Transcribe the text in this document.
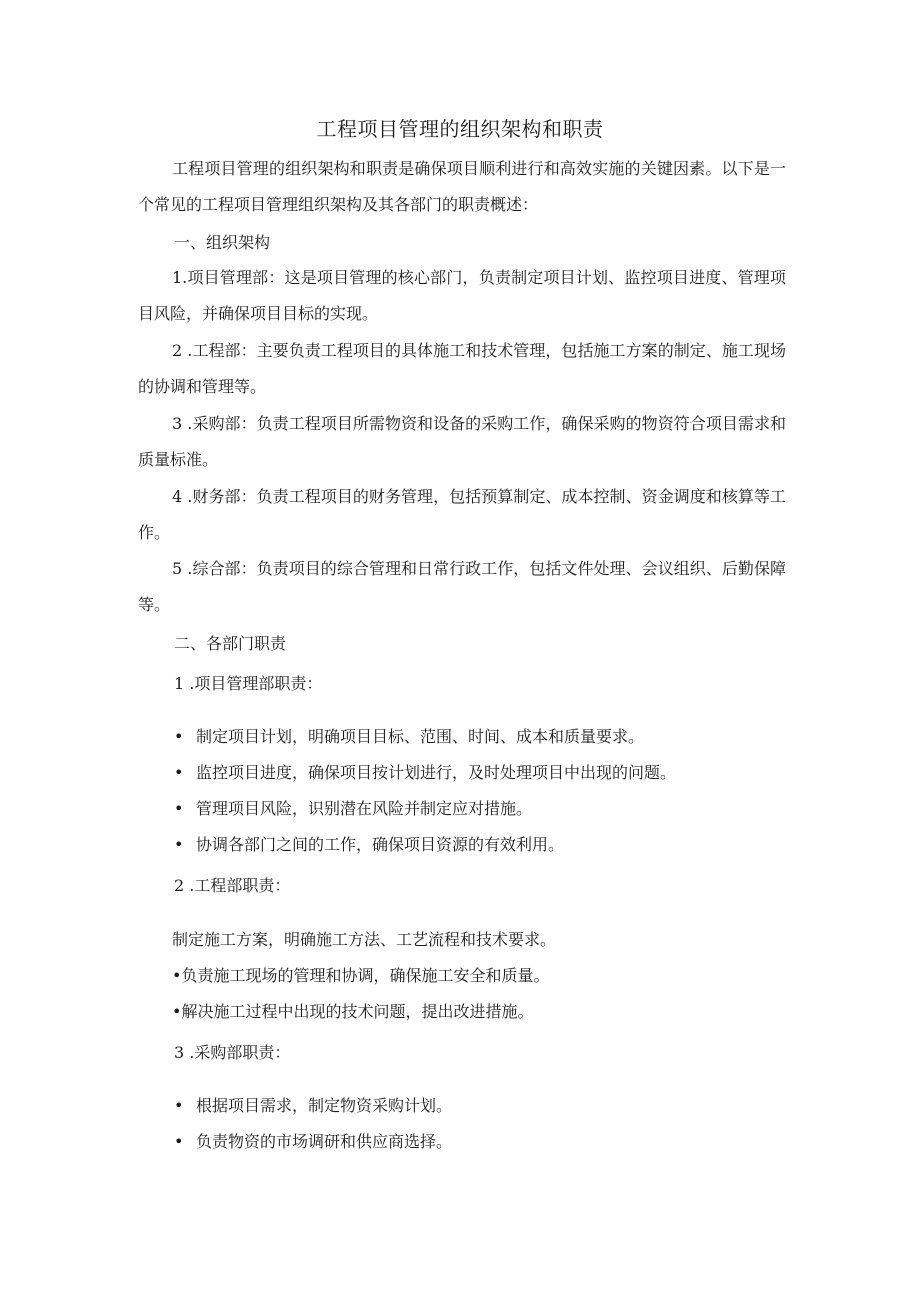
工程项目管理的组织架构和职责
工程项目管理的组织架构和职责是确保项目顺利进行和高效实施的关键因素。以下是一个常见的工程项目管理组织架构及其各部门的职责概述：
一、组织架构
1.项目管理部：这是项目管理的核心部门，负责制定项目计划、监控项目进度、管理项目风险，并确保项目目标的实现。
2 .工程部：主要负责工程项目的具体施工和技术管理，包括施工方案的制定、施工现场的协调和管理等。
3 .采购部：负责工程项目所需物资和设备的采购工作，确保采购的物资符合项目需求和质量标准。
4 .财务部：负责工程项目的财务管理，包括预算制定、成本控制、资金调度和核算等工作。
5 .综合部：负责项目的综合管理和日常行政工作，包括文件处理、会议组织、后勤保障等。
二、各部门职责
1 .项目管理部职责：
• 制定项目计划，明确项目目标、范围、时间、成本和质量要求。
• 监控项目进度，确保项目按计划进行，及时处理项目中出现的问题。
• 管理项目风险，识别潜在风险并制定应对措施。
• 协调各部门之间的工作，确保项目资源的有效利用。
2 .工程部职责：
制定施工方案，明确施工方法、工艺流程和技术要求。
•负责施工现场的管理和协调，确保施工安全和质量。
•解决施工过程中出现的技术问题，提出改进措施。
3 .采购部职责：
• 根据项目需求，制定物资采购计划。
• 负责物资的市场调研和供应商选择。
